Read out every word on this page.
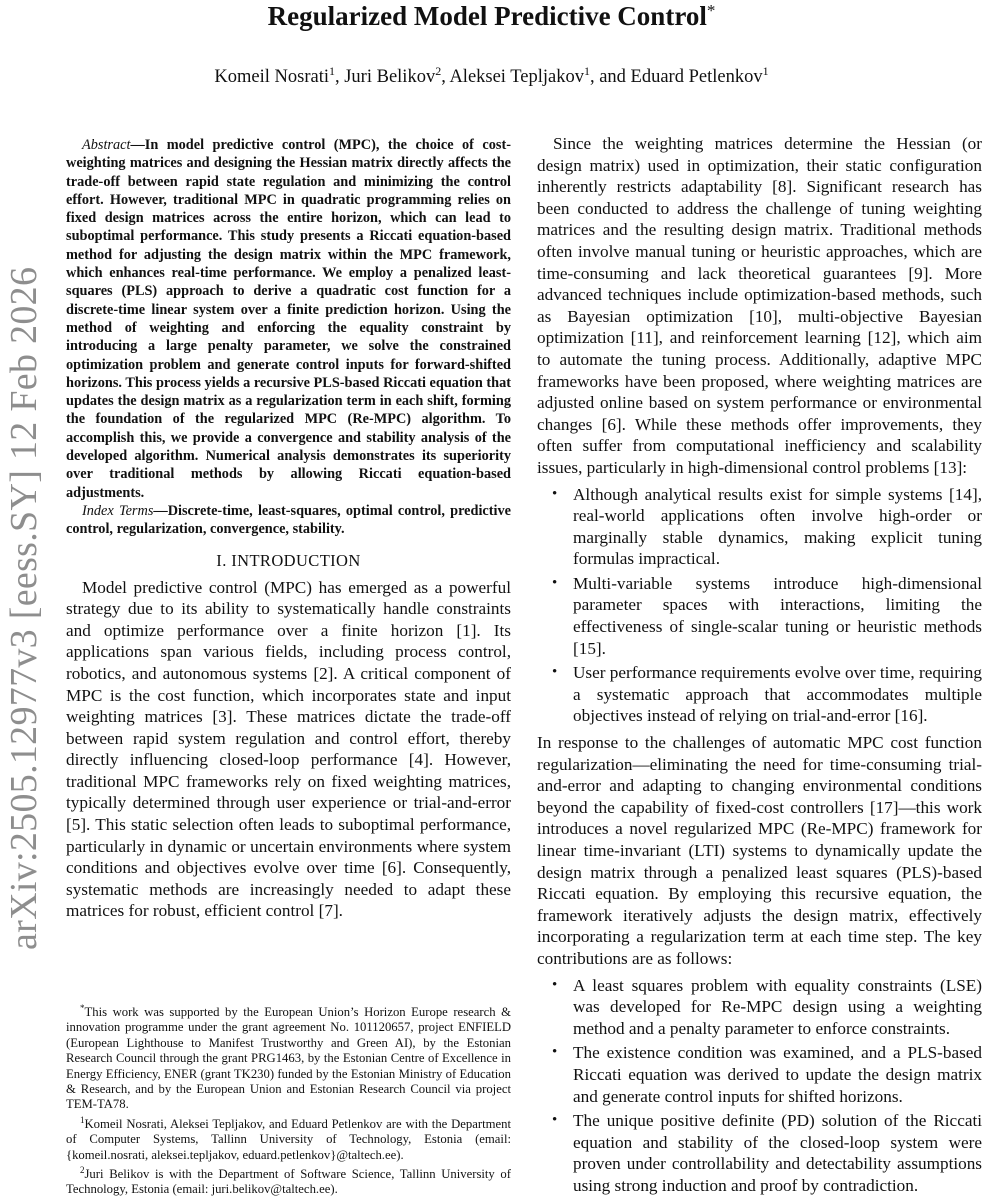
Regularized Model Predictive Control*
Komeil Nosrati$^1$, Juri Belikov$^2$, Aleksei Tepljakov$^1$, and Eduard Petlenkov$^1$
arXiv:2505.12977v3 [eess.SY] 12 Feb 2026

Abstract—In model predictive control (MPC), the choice of cost-weighting matrices and designing the Hessian matrix directly affects the trade-off between rapid state regulation and minimizing the control effort. However, traditional MPC in quadratic programming relies on fixed design matrices across the entire horizon, which can lead to suboptimal performance. This study presents a Riccati equation-based method for adjusting the design matrix within the MPC framework, which enhances real-time performance. We employ a penalized least-squares (PLS) approach to derive a quadratic cost function for a discrete-time linear system over a finite prediction horizon. Using the method of weighting and enforcing the equality constraint by introducing a large penalty parameter, we solve the constrained optimization problem and generate control inputs for forward-shifted horizons. This process yields a recursive PLS-based Riccati equation that updates the design matrix as a regularization term in each shift, forming the foundation of the regularized MPC (Re-MPC) algorithm. To accomplish this, we provide a convergence and stability analysis of the developed algorithm. Numerical analysis demonstrates its superiority over traditional methods by allowing Riccati equation-based adjustments.

Index Terms—Discrete-time, least-squares, optimal control, predictive control, regularization, convergence, stability.

I. INTRODUCTION

Model predictive control (MPC) has emerged as a powerful strategy due to its ability to systematically handle constraints and optimize performance over a finite horizon [1]. Its applications span various fields, including process control, robotics, and autonomous systems [2]. A critical component of MPC is the cost function, which incorporates state and input weighting matrices [3]. These matrices dictate the trade-off between rapid system regulation and control effort, thereby directly influencing closed-loop performance [4]. However, traditional MPC frameworks rely on fixed weighting matrices, typically determined through user experience or trial-and-error [5]. This static selection often leads to suboptimal performance, particularly in dynamic or uncertain environments where system conditions and objectives evolve over time [6]. Consequently, systematic methods are increasingly needed to adapt these matrices for robust, efficient control [7].

*This work was supported by the European Union’s Horizon Europe research & innovation programme under the grant agreement No. 101120657, project ENFIELD (European Lighthouse to Manifest Trustworthy and Green AI), by the Estonian Research Council through the grant PRG1463, by the Estonian Centre of Excellence in Energy Efficiency, ENER (grant TK230) funded by the Estonian Ministry of Education & Research, and by the European Union and Estonian Research Council via project TEM-TA78.

$^1$Komeil Nosrati, Aleksei Tepljakov, and Eduard Petlenkov are with the Department of Computer Systems, Tallinn University of Technology, Estonia (email: {komeil.nosrati, aleksei.tepljakov, eduard.petlenkov}@taltech.ee).

$^2$Juri Belikov is with the Department of Software Science, Tallinn University of Technology, Estonia (email: juri.belikov@taltech.ee).

Since the weighting matrices determine the Hessian (or design matrix) used in optimization, their static configuration inherently restricts adaptability [8]. Significant research has been conducted to address the challenge of tuning weighting matrices and the resulting design matrix. Traditional methods often involve manual tuning or heuristic approaches, which are time-consuming and lack theoretical guarantees [9]. More advanced techniques include optimization-based methods, such as Bayesian optimization [10], multi-objective Bayesian optimization [11], and reinforcement learning [12], which aim to automate the tuning process. Additionally, adaptive MPC frameworks have been proposed, where weighting matrices are adjusted online based on system performance or environmental changes [6]. While these methods offer improvements, they often suffer from computational inefficiency and scalability issues, particularly in high-dimensional control problems [13]:

• Although analytical results exist for simple systems [14], real-world applications often involve high-order or marginally stable dynamics, making explicit tuning formulas impractical.
• Multi-variable systems introduce high-dimensional parameter spaces with interactions, limiting the effectiveness of single-scalar tuning or heuristic methods [15].
• User performance requirements evolve over time, requiring a systematic approach that accommodates multiple objectives instead of relying on trial-and-error [16].

In response to the challenges of automatic MPC cost function regularization—eliminating the need for time-consuming trial-and-error and adapting to changing environmental conditions beyond the capability of fixed-cost controllers [17]—this work introduces a novel regularized MPC (Re-MPC) framework for linear time-invariant (LTI) systems to dynamically update the design matrix through a penalized least squares (PLS)-based Riccati equation. By employing this recursive equation, the framework iteratively adjusts the design matrix, effectively incorporating a regularization term at each time step. The key contributions are as follows:

• A least squares problem with equality constraints (LSE) was developed for Re-MPC design using a weighting method and a penalty parameter to enforce constraints.
• The existence condition was examined, and a PLS-based Riccati equation was derived to update the design matrix and generate control inputs for shifted horizons.
• The unique positive definite (PD) solution of the Riccati equation and stability of the closed-loop system were proven under controllability and detectability assumptions using strong induction and proof by contradiction.
